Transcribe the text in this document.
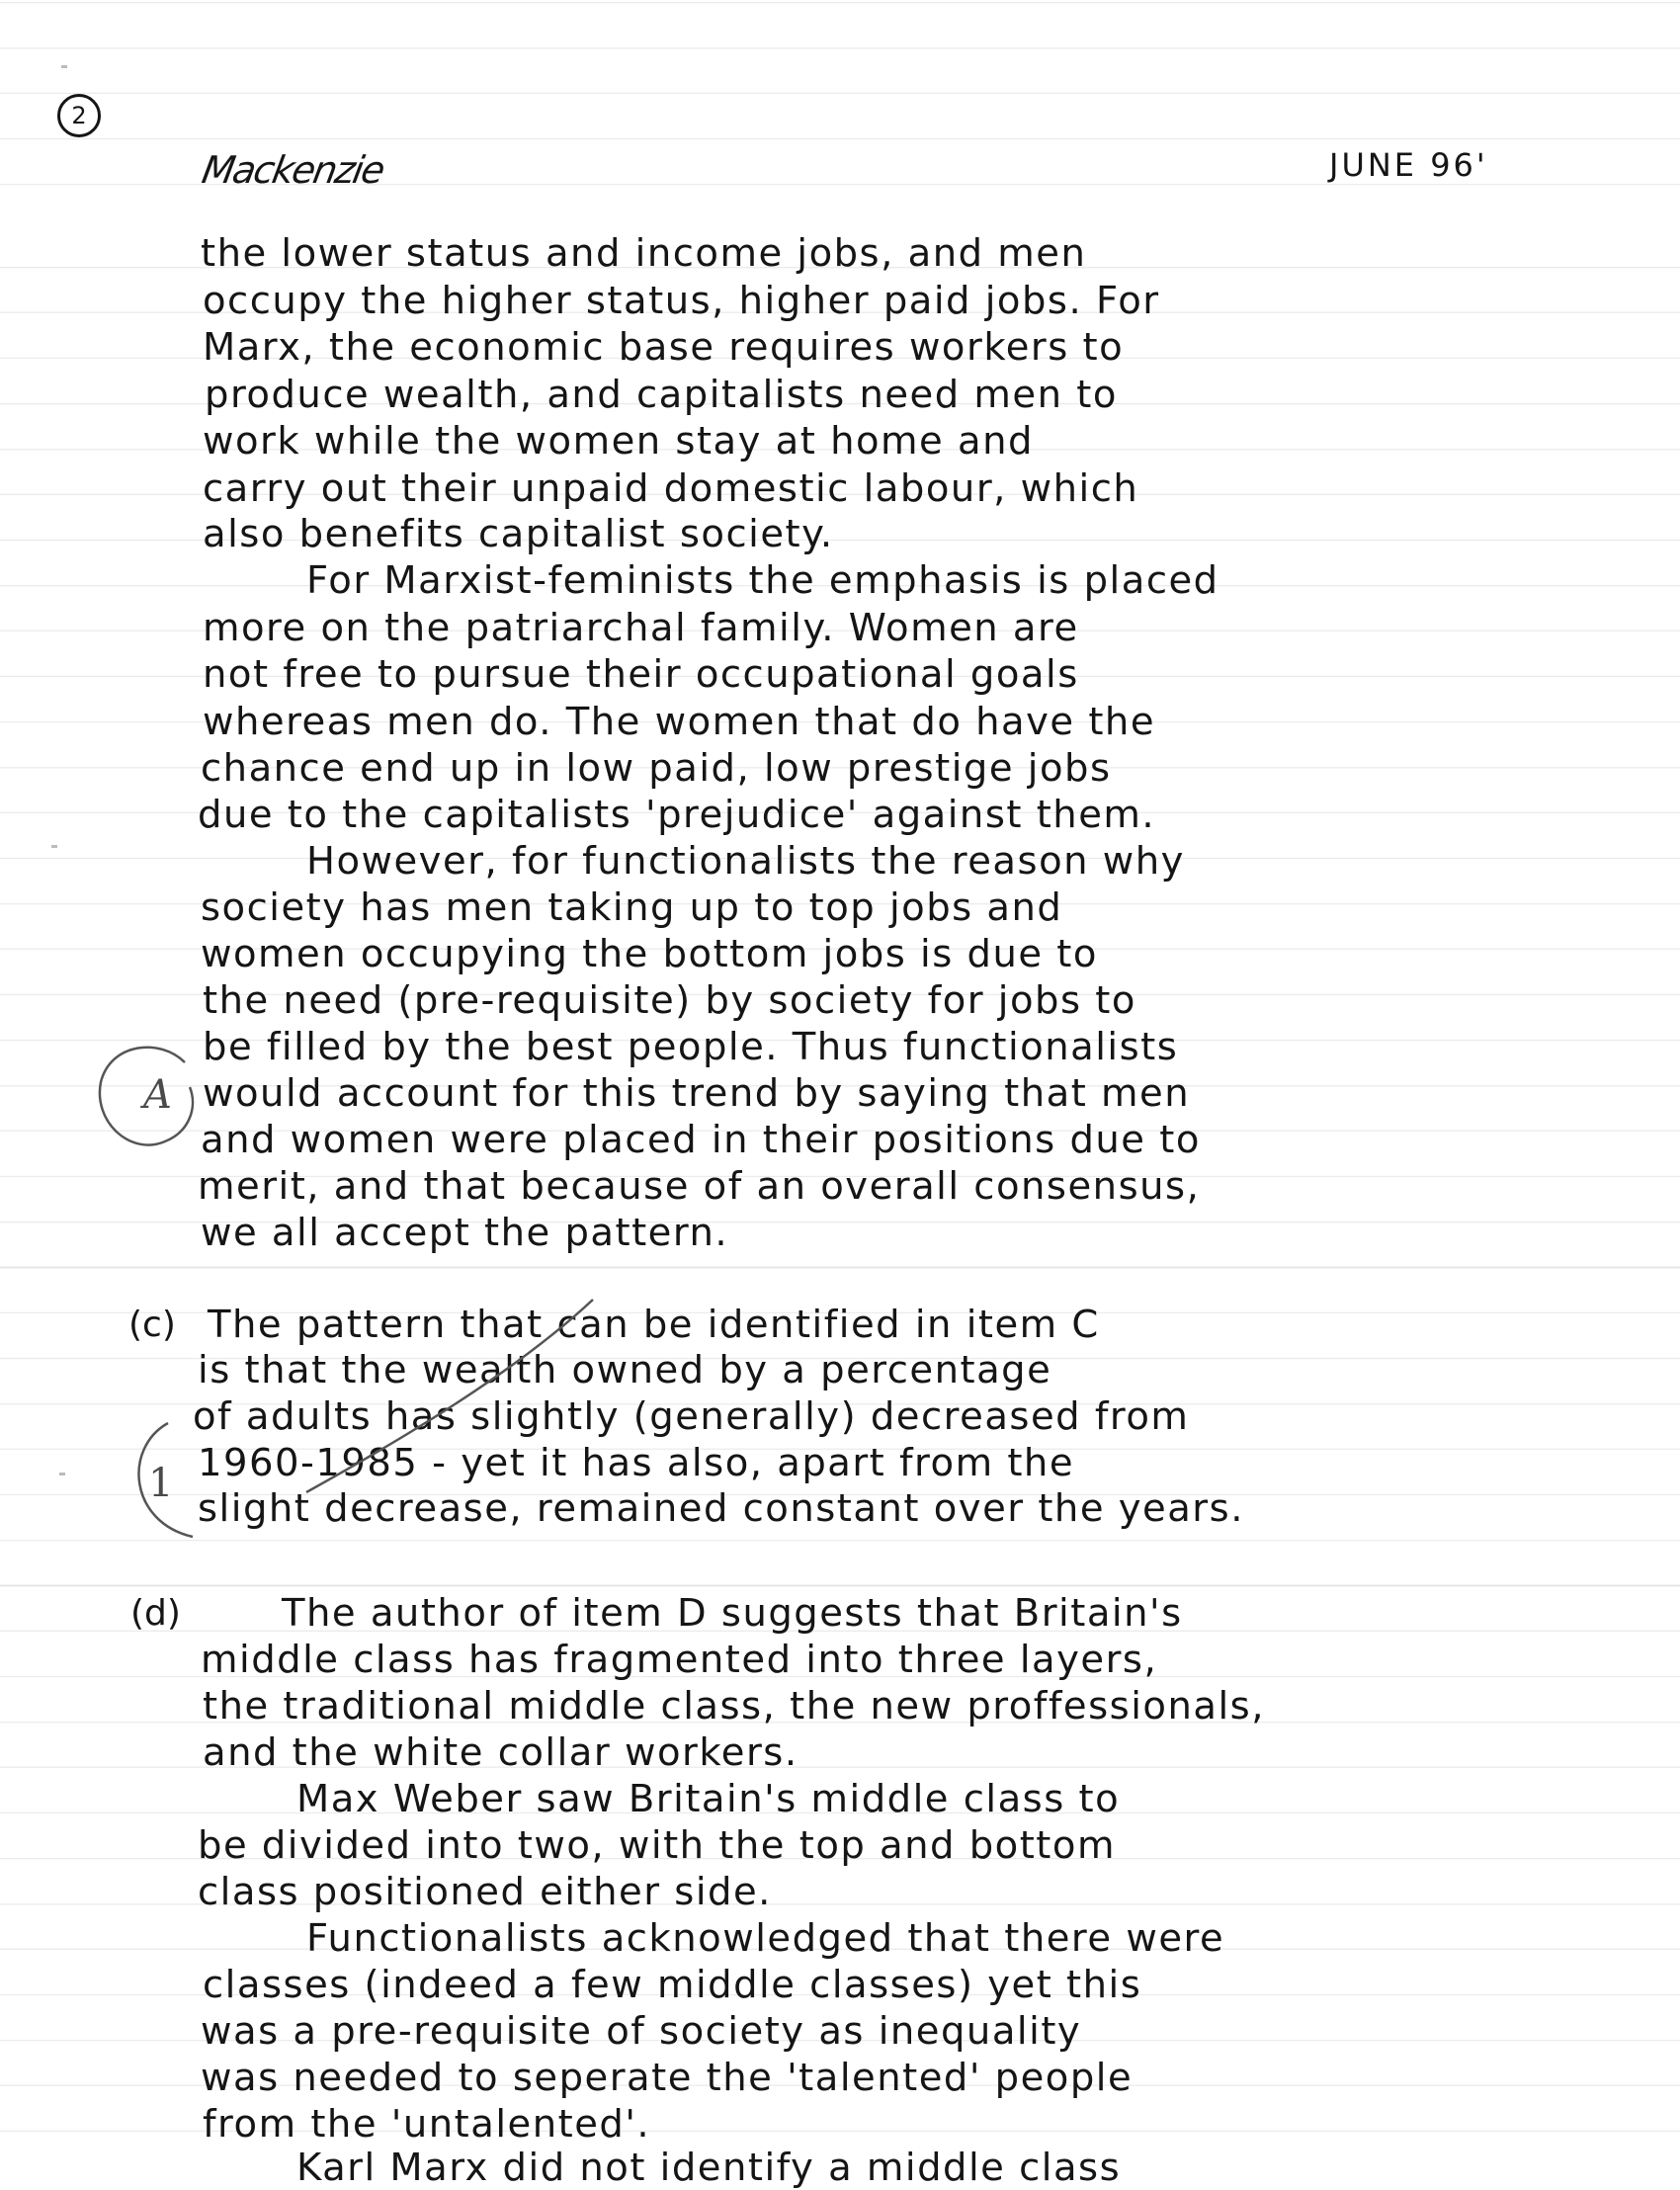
2
Mackenzie	JUNE 96'
the lower status and income jobs, and men
occupy the higher status, higher paid jobs. For
Marx, the economic base requires workers to
produce wealth, and capitalists need men to
work while the women stay at home and
carry out their unpaid domestic labour, which
also benefits capitalist society.
For Marxist-feminists the emphasis is placed
more on the patriarchal family. Women are
not free to pursue their occupational goals
whereas men do. The women that do have the
chance end up in low paid, low prestige jobs
due to the capitalists 'prejudice' against them.
However, for functionalists the reason why
society has men taking up to top jobs and
women occupying the bottom jobs is due to
the need (pre-requisite) by society for jobs to
be filled by the best people. Thus functionalists
would account for this trend by saying that men
and women were placed in their positions due to
merit, and that because of an overall consensus,
we all accept the pattern.
A
(c) The pattern that can be identified in item C
is that the wealth owned by a percentage
of adults has slightly (generally) decreased from
1960-1985 - yet it has also, apart from the
slight decrease, remained constant over the years.
1
(d)	The author of item D suggests that Britain's
middle class has fragmented into three layers,
the traditional middle class, the new proffessionals,
and the white collar workers.
Max Weber saw Britain's middle class to
be divided into two, with the top and bottom
class positioned either side.
Functionalists acknowledged that there were
classes (indeed a few middle classes) yet this
was a pre-requisite of society as inequality
was needed to seperate the 'talented' people
from the 'untalented'.
Karl Marx did not identify a middle class
